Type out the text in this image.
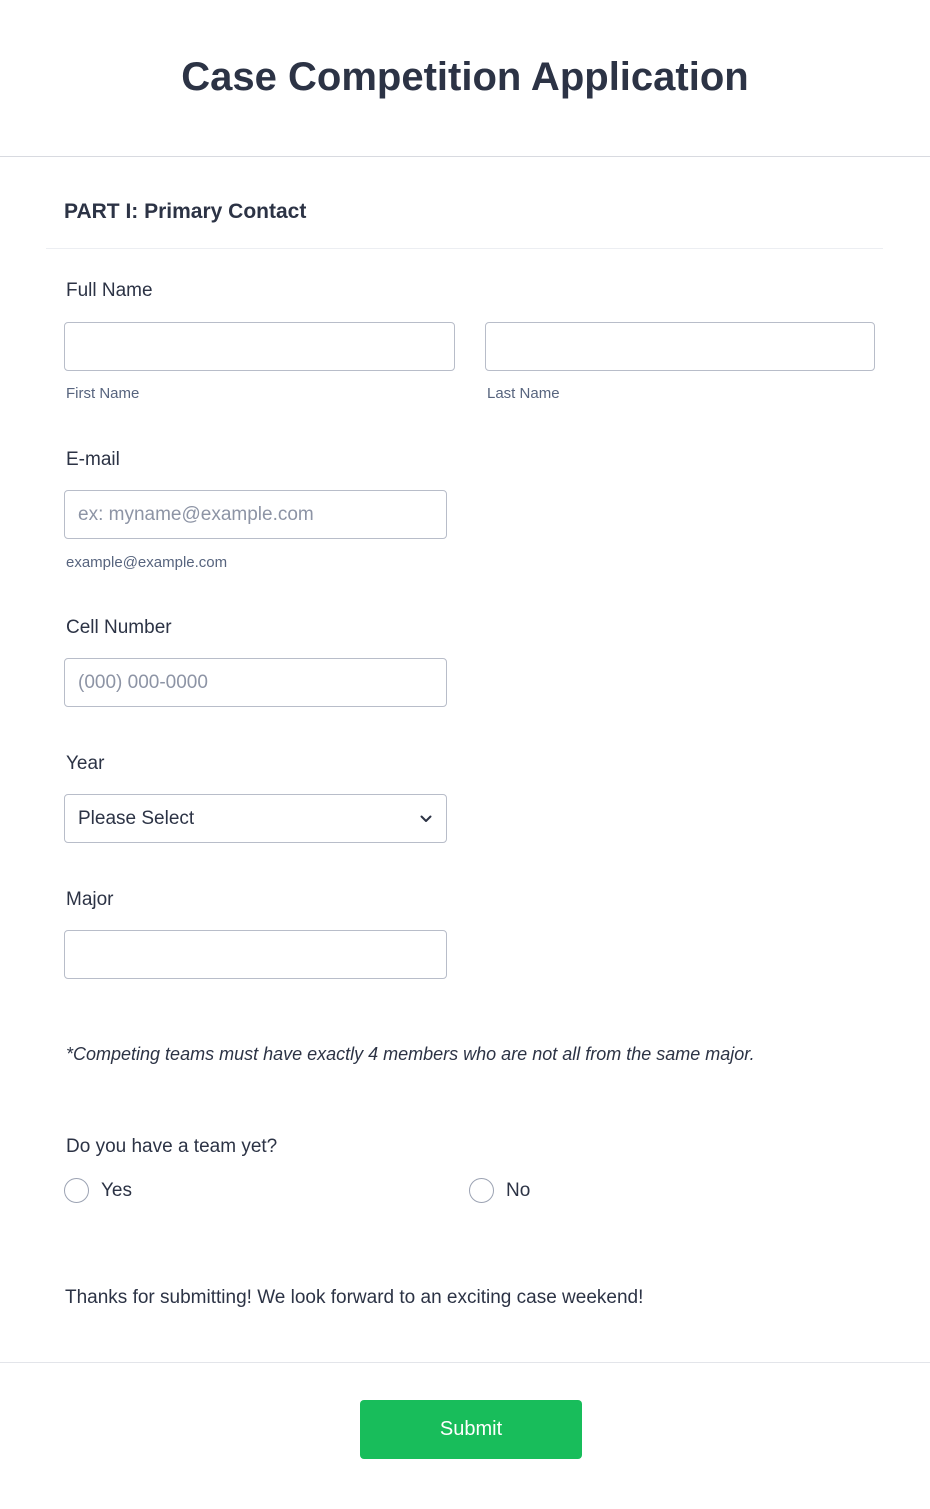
Case Competition Application
PART I: Primary Contact
Full Name
First Name	Last Name
E-mail
ex: myname@example.com
example@example.com
Cell Number
(000) 000-0000
Year
Please Select
Major
*Competing teams must have exactly 4 members who are not all from the same major.
Do you have a team yet?
Yes	No
Thanks for submitting! We look forward to an exciting case weekend!
Submit
